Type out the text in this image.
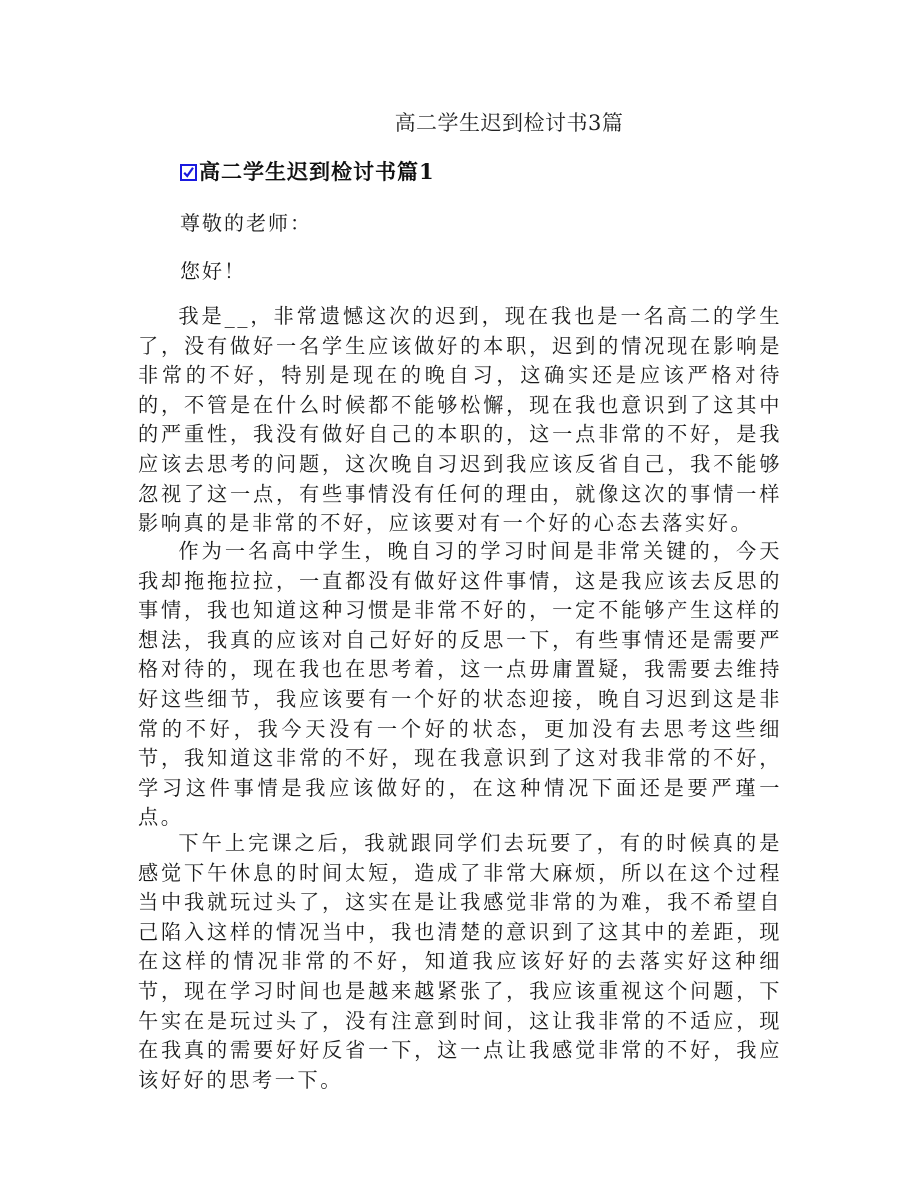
高二学生迟到检讨书3篇
高二学生迟到检讨书篇1
尊敬的老师：
您好！

我是__，非常遗憾这次的迟到，现在我也是一名高二的学生了，没有做好一名学生应该做好的本职，迟到的情况现在影响是非常的不好，特别是现在的晚自习，这确实还是应该严格对待的，不管是在什么时候都不能够松懈，现在我也意识到了这其中的严重性，我没有做好自己的本职的，这一点非常的不好，是我应该去思考的问题，这次晚自习迟到我应该反省自己，我不能够忽视了这一点，有些事情没有任何的理由，就像这次的事情一样影响真的是非常的不好，应该要对有一个好的心态去落实好。

作为一名高中学生，晚自习的学习时间是非常关键的，今天我却拖拖拉拉，一直都没有做好这件事情，这是我应该去反思的事情，我也知道这种习惯是非常不好的，一定不能够产生这样的想法，我真的应该对自己好好的反思一下，有些事情还是需要严格对待的，现在我也在思考着，这一点毋庸置疑，我需要去维持好这些细节，我应该要有一个好的状态迎接，晚自习迟到这是非常的不好，我今天没有一个好的状态，更加没有去思考这些细节，我知道这非常的不好，现在我意识到了这对我非常的不好，学习这件事情是我应该做好的，在这种情况下面还是要严瑾一点。

下午上完课之后，我就跟同学们去玩要了，有的时候真的是感觉下午休息的时间太短，造成了非常大麻烦，所以在这个过程当中我就玩过头了，这实在是让我感觉非常的为难，我不希望自己陷入这样的情况当中，我也清楚的意识到了这其中的差距，现在这样的情况非常的不好，知道我应该好好的去落实好这种细节，现在学习时间也是越来越紧张了，我应该重视这个问题，下午实在是玩过头了，没有注意到时间，这让我非常的不适应，现在我真的需要好好反省一下，这一点让我感觉非常的不好，我应该好好的思考一下。
